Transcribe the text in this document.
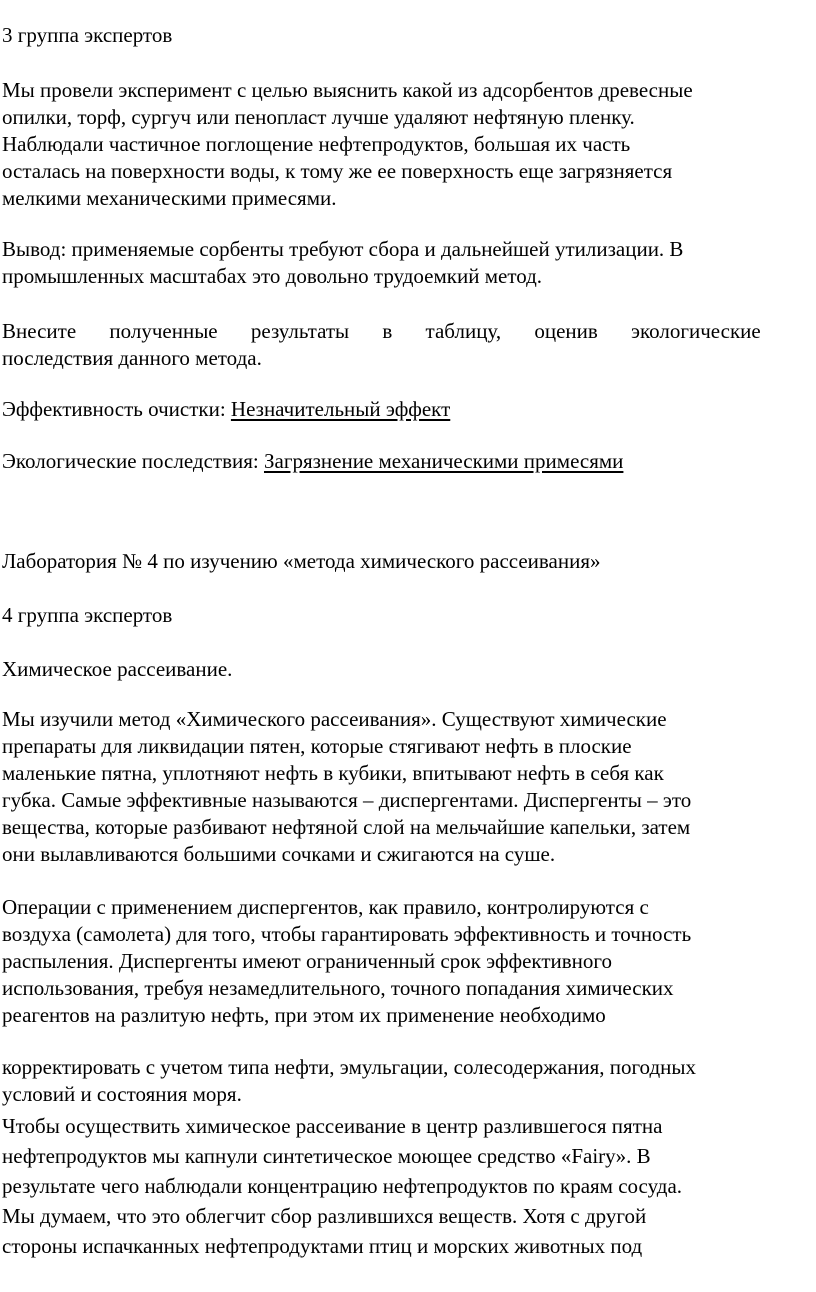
3 группа экспертов

Мы провели эксперимент с целью выяснить какой из адсорбентов древесные
опилки, торф, сургуч или пенопласт лучше удаляют нефтяную пленку.
Наблюдали частичное поглощение нефтепродуктов, большая их часть
осталась на поверхности воды, к тому же ее поверхность еще загрязняется
мелкими механическими примесями.

Вывод: применяемые сорбенты требуют сбора и дальнейшей утилизации. В
промышленных масштабах это довольно трудоемкий метод.

Внесите полученные результаты в таблицу, оценив экологические
последствия данного метода.

Эффективность очистки: Незначительный эффект

Экологические последствия: Загрязнение механическими примесями

Лаборатория № 4 по изучению «метода химического рассеивания»

4 группа экспертов

Химическое рассеивание.

Мы изучили метод «Химического рассеивания». Существуют химические
препараты для ликвидации пятен, которые стягивают нефть в плоские
маленькие пятна, уплотняют нефть в кубики, впитывают нефть в себя как
губка. Самые эффективные называются – диспергентами. Диспергенты – это
вещества, которые разбивают нефтяной слой на мельчайшие капельки, затем
они вылавливаются большими сочками и сжигаются на суше.

Операции с применением диспергентов, как правило, контролируются с
воздуха (самолета) для того, чтобы гарантировать эффективность и точность
распыления. Диспергенты имеют ограниченный срок эффективного
использования, требуя незамедлительного, точного попадания химических
реагентов на разлитую нефть, при этом их применение необходимо

корректировать с учетом типа нефти, эмульгации, солесодержания, погодных
условий и состояния моря.

Чтобы осуществить химическое рассеивание в центр разлившегося пятна
нефтепродуктов мы капнули синтетическое моющее средство «Fairy». В
результате чего наблюдали концентрацию нефтепродуктов по краям сосуда.
Мы думаем, что это облегчит сбор разлившихся веществ. Хотя с другой
стороны испачканных нефтепродуктами птиц и морских животных под
